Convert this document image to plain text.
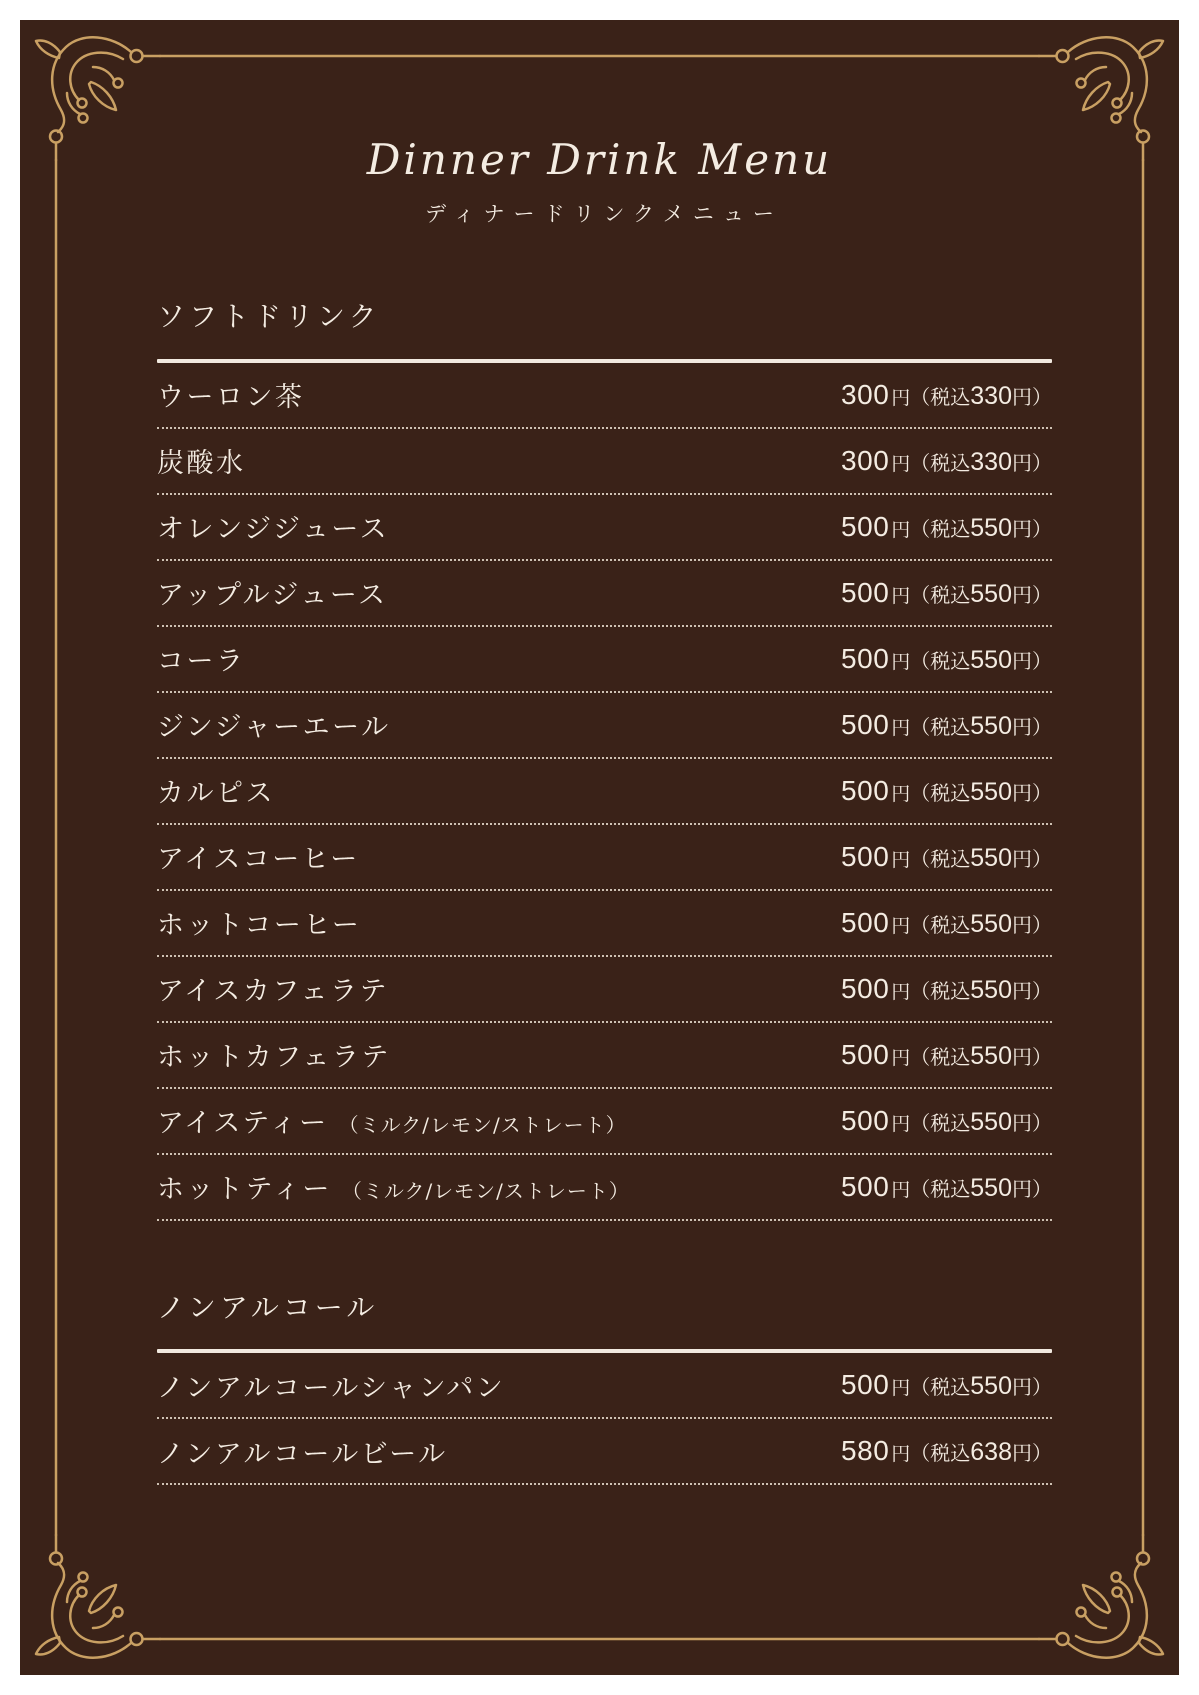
Dinner Drink Menu

ディナードリンクメニュー

ソフトドリンク
ウーロン茶	300 円 （税込 330 円）
炭酸水	300 円 （税込 330 円）
オレンジジュース	500 円 （税込 550 円）
アップルジュース	500 円 （税込 550 円）
コーラ	500 円 （税込 550 円）
ジンジャーエール	500 円 （税込 550 円）
カルピス	500 円 （税込 550 円）
アイスコーヒー	500 円 （税込 550 円）
ホットコーヒー	500 円 （税込 550 円）
アイスカフェラテ	500 円 （税込 550 円）
ホットカフェラテ	500 円 （税込 550 円）
アイスティー （ミルク/レモン/ストレート）	500 円 （税込 550 円）
ホットティー （ミルク/レモン/ストレート）	500 円 （税込 550 円）
ノンアルコール
ノンアルコールシャンパン	500 円 （税込 550 円）
ノンアルコールビール	580 円 （税込 638 円）
